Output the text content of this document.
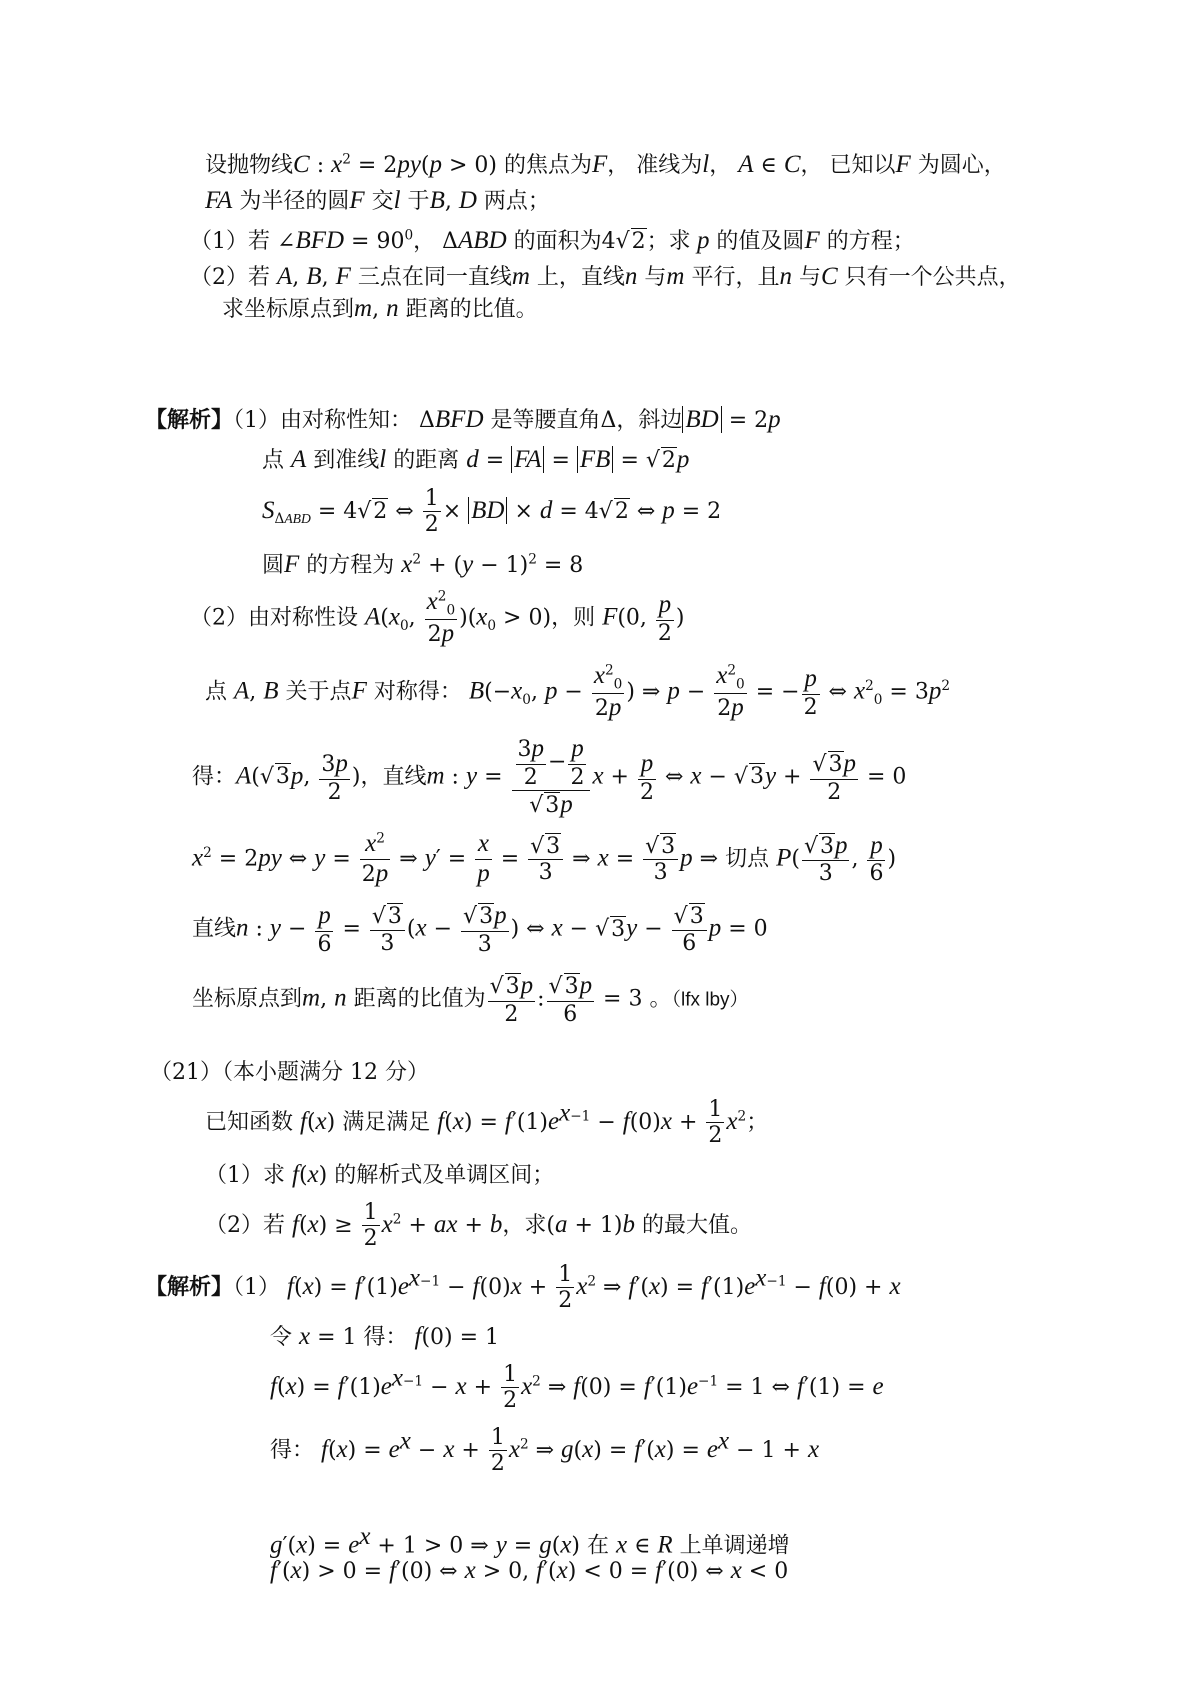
设抛物线C : $x^2 = 2py(p > 0)$ 的焦点为F， 准线为l， A ∈ C， 已知以F 为圆心，
FA 为半径的圆F 交l 于B, D 两点；
（1）若 ∠BFD = $90^0$， ΔABD 的面积为4√2；求 p 的值及圆F 的方程；
（2）若 A, B, F 三点在同一直线m 上，直线n 与m 平行，且n 与C 只有一个公共点，
求坐标原点到m, n 距离的比值。
【解析】（1）由对称性知： ΔBFD 是等腰直角Δ，斜边 BD = 2p
点 A 到准线l 的距离 d = FA = FB = √2p
$S_{\Delta ABD} = 4√2$ ⇔ $\frac{1}{2}$ × BD × d = 4√2 ⇔ p = 2
圆F 的方程为 $x^2 + (y - 1)^2 = 8$
（2）由对称性设 $A(x_0$, $\frac{x^2_0}{2p} )(x_0 > 0)$，则 F(0, $\frac{p}{2}$ )
点 A, B 关于点F 对称得： $B(-x_0$, $p - \frac{x^2_0}{2p}$ ) ⇒ $p - \frac{x^2_0}{2p}$ = − $\frac{p}{2}$ ⇔ $x^2_0 = 3p^2$
得：A(√3p, $\frac{3p}{2}$ )，直线m : $y = \frac{\frac{3p}{2} - \frac{p}{2}}{√3p}$ $x + \frac{p}{2}$ ⇔ $x - √3y + \frac{√3p}{2} = 0$
$x^2 = 2py$ ⇔ $y = \frac{x^2}{2p}$ ⇒ $y' = \frac{x}{p} = \frac{√3}{3}$ ⇒ $x = \frac{√3}{3}$ p ⇒ 切点 $P( \frac{√3p}{3}$ , $\frac{p}{6}$ )
直线n : $y - \frac{p}{6} = \frac{√3}{3} (x - \frac{√3p}{3}$ ) ⇔ $x - √3y - \frac{√3}{6}$ p = 0
坐标原点到m, n 距离的比值为 $\frac{√3p}{2}$ : $\frac{√3p}{6} = 3$ 。（lfx lby）
（21）（本小题满分 12 分）
已知函数 f(x) 满足满足 $f(x) = f'(1)e^{x-1} - f(0)x + \frac{1}{2} x^2$；
（1）求 f(x) 的解析式及单调区间；
（2）若 $f(x) \ge \frac{1}{2} x^2$ + ax + b，求(a + 1)b 的最大值。
【解析】（1） $f(x) = f'(1)e^{x-1} - f(0)x + \frac{1}{2} x^2$ ⇒ $f'(x) = f'(1)e^{x-1} - f(0) + x$
令 x = 1 得： f(0) = 1
$f(x) = f'(1)e^{x-1} - x + \frac{1}{2} x^2$ ⇒ $f(0) = f'(1)e^{-1} = 1$ ⇔ f′(1) = e
得： $f(x) = e^x - x + \frac{1}{2} x^2$ ⇒ $g(x) = f'(x) = e^x - 1 + x$
$g'(x) = e^x + 1 > 0$ ⇒ y = g(x) 在 x ∈ R 上单调递增
f′(x) > 0 = f′(0) ⇔ x > 0, f′(x) < 0 = f′(0) ⇔ x < 0
